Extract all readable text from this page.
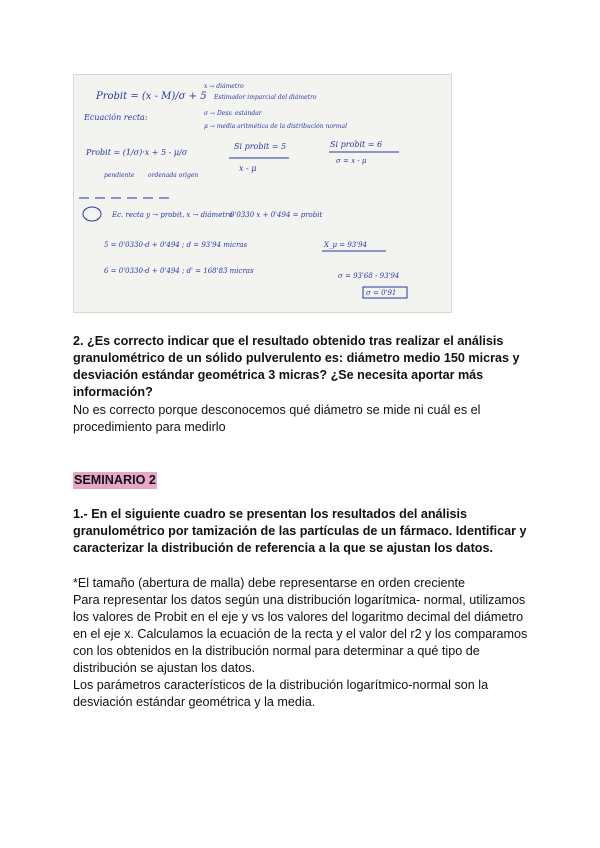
Probit = (x - M)/σ + 5
x → diámetro
Estimador imparcial del diámetro
σ → Desv. estándar
μ → media aritmética de la distribución normal
Ecuación recta:
Probit = (1/σ)·x + 5 - μ/σ
pendiente ordenada origen
Si probit = 5
x - μ
Si probit = 6
σ = x - μ
Ec. recta y → probit, x → diámetro
0'0330 x + 0'494 = probit
5 = 0'0330·d + 0'494 ; d = 93'94 micras	X_μ = 93'94
6 = 0'0330·d + 0'494 ; d' = 168'83 micras
σ = 93'68 - 93'94
σ = 0'91
2. ¿Es correcto indicar que el resultado obtenido tras realizar el análisis granulométrico de un sólido pulverulento es: diámetro medio 150 micras y desviación estándar geométrica 3 micras? ¿Se necesita aportar más información?
No es correcto porque desconocemos qué diámetro se mide ni cuál es el procedimiento para medirlo
SEMINARIO 2
1.- En el siguiente cuadro se presentan los resultados del análisis granulométrico por tamización de las partículas de un fármaco. Identificar y caracterizar la distribución de referencia a la que se ajustan los datos.

*El tamaño (abertura de malla) debe representarse en orden creciente

Para representar los datos según una distribución logarítmica- normal, utilizamos los valores de Probit en el eje y vs los valores del logaritmo decimal del diámetro en el eje x. Calculamos la ecuación de la recta y el valor del r2 y los comparamos con los obtenidos en la distribución normal para determinar a qué tipo de distribución se ajustan los datos.

Los parámetros característicos de la distribución logarítmico-normal son la desviación estándar geométrica y la media.
